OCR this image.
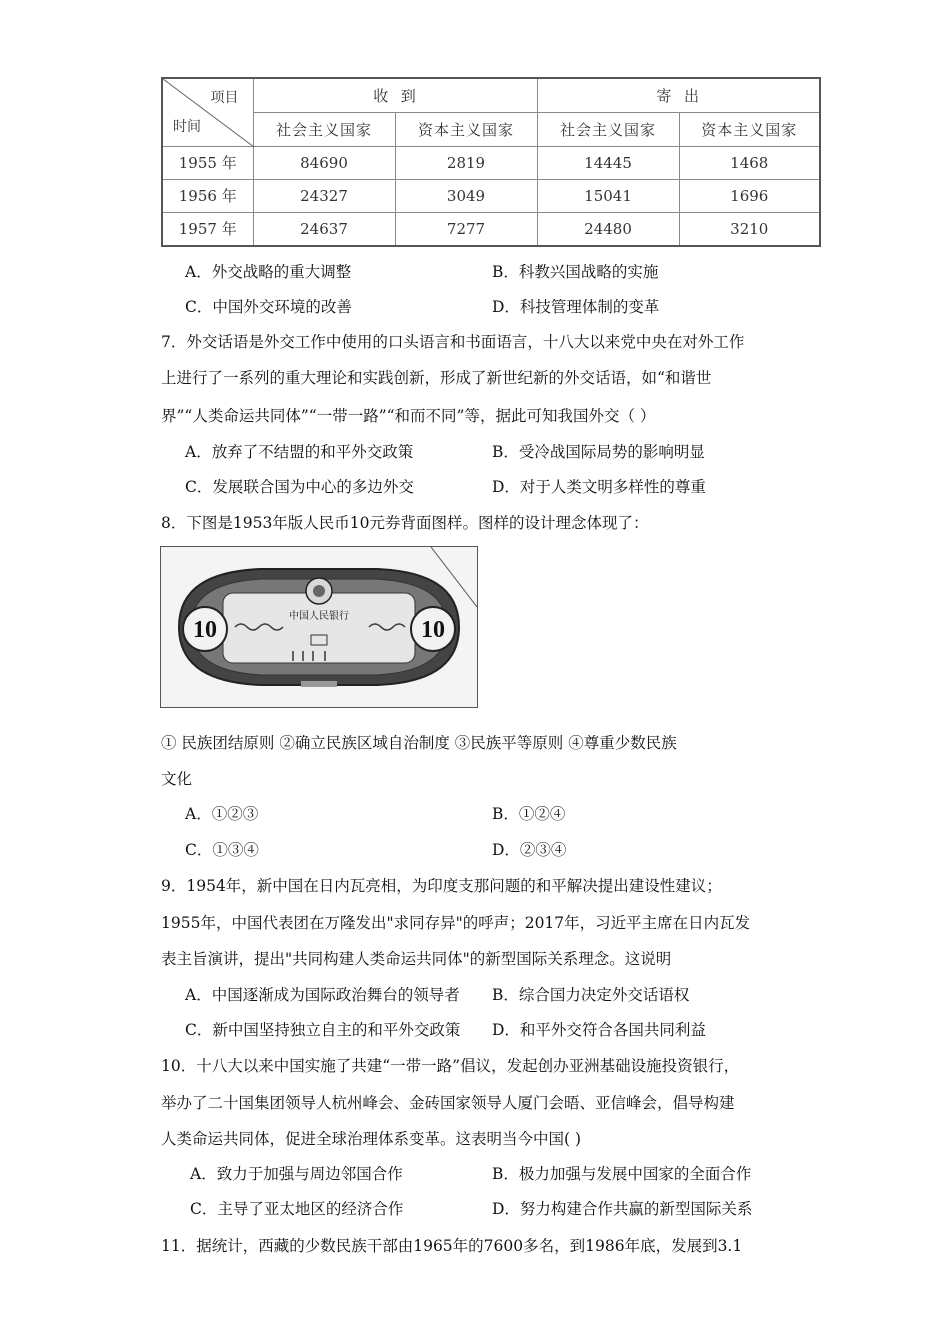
项目
时间	收  到		寄  出	
	社会主义国家	资本主义国家	社会主义国家	资本主义国家
1955 年	84690	2819	14445	1468
1956 年	24327	3049	15041	1696
1957 年	24637	7277	24480	3210
A．外交战略的重大调整	B．科教兴国战略的实施
C．中国外交环境的改善	D．科技管理体制的变革
7．外交话语是外交工作中使用的口头语言和书面语言，十八大以来党中央在对外工作
上进行了一系列的重大理论和实践创新，形成了新世纪新的外交话语，如“和谐世
界”“人类命运共同体”“一带一路”“和而不同”等，据此可知我国外交（ ）
A．放弃了不结盟的和平外交政策	B．受冷战国际局势的影响明显
C．发展联合国为中心的多边外交	D．对于人类文明多样性的尊重
8．下图是1953年版人民币10元券背面图样。图样的设计理念体现了：
10	10
中国人民银行
① 民族团结原则 ②确立民族区域自治制度 ③民族平等原则 ④尊重少数民族
文化
A．①②③	B．①②④
C．①③④	D．②③④
9．1954年，新中国在日内瓦亮相，为印度支那问题的和平解决提出建设性建议；
1955年，中国代表团在万隆发出"求同存异"的呼声；2017年，习近平主席在日内瓦发
表主旨演讲，提出"共同构建人类命运共同体"的新型国际关系理念。这说明
A．中国逐渐成为国际政治舞台的领导者 B．综合国力决定外交话语权
C．新中国坚持独立自主的和平外交政策 D．和平外交符合各国共同利益
10．十八大以来中国实施了共建“一带一路”倡议，发起创办亚洲基础设施投资银行，
举办了二十国集团领导人杭州峰会、金砖国家领导人厦门会晤、亚信峰会，倡导构建
人类命运共同体，促进全球治理体系变革。这表明当今中国( )
A．致力于加强与周边邻国合作	B．极力加强与发展中国家的全面合作
C．主导了亚太地区的经济合作	D．努力构建合作共赢的新型国际关系
11．据统计，西藏的少数民族干部由1965年的7600多名，到1986年底，发展到3.1
